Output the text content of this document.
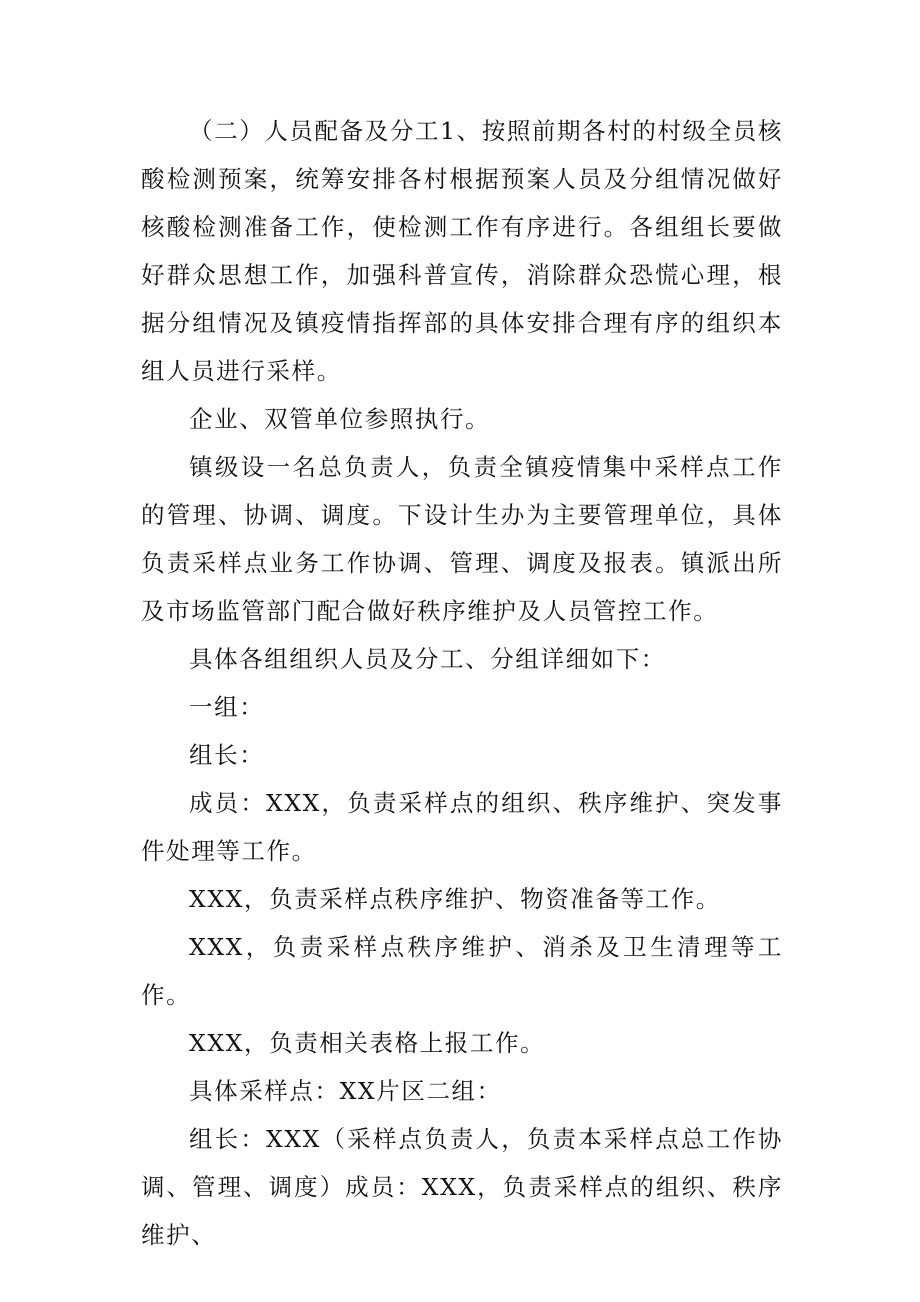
（二）人员配备及分工1、按照前期各村的村级全员核酸检测预案，统筹安排各村根据预案人员及分组情况做好核酸检测准备工作，使检测工作有序进行。各组组长要做好群众思想工作，加强科普宣传，消除群众恐慌心理，根据分组情况及镇疫情指挥部的具体安排合理有序的组织本组人员进行采样。

企业、双管单位参照执行。

镇级设一名总负责人，负责全镇疫情集中采样点工作的管理、协调、调度。下设计生办为主要管理单位，具体负责采样点业务工作协调、管理、调度及报表。镇派出所及市场监管部门配合做好秩序维护及人员管控工作。

具体各组组织人员及分工、分组详细如下：

一组：

组长：

成员：XXX，负责采样点的组织、秩序维护、突发事件处理等工作。

XXX，负责采样点秩序维护、物资准备等工作。

XXX，负责采样点秩序维护、消杀及卫生清理等工作。

XXX，负责相关表格上报工作。

具体采样点：XX片区二组：

组长：XXX（采样点负责人，负责本采样点总工作协调、管理、调度）成员：XXX，负责采样点的组织、秩序维护、
